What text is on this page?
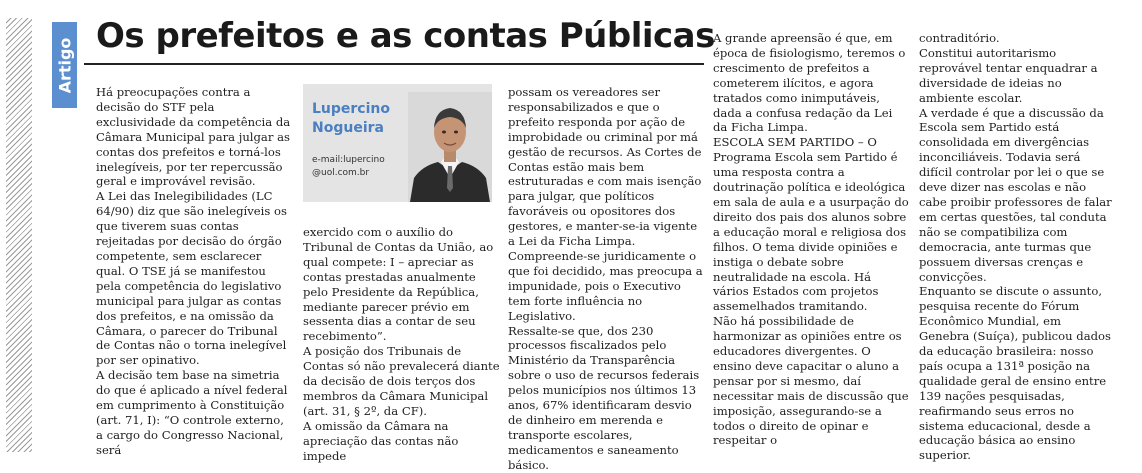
Artigo
Os prefeitos e as contas Públicas

Há preocupações contra a decisão do STF pela exclusividade da competência da Câmara Municipal para julgar as contas dos prefeitos e torná-los inelegíveis, por ter repercussão geral e improvável revisão.

A Lei das Inelegibilidades (LC 64/90) diz que são inelegíveis os que tiverem suas contas rejeitadas por decisão do órgão competente, sem esclarecer qual. O TSE já se manifestou pela competência do legislativo municipal para julgar as contas dos prefeitos, e na omissão da Câmara, o parecer do Tribunal de Contas não o torna inelegível por ser opinativo.

A decisão tem base na simetria do que é aplicado a nível federal em cumprimento à Constituição (art. 71, I): “O controle externo, a cargo do Congresso Nacional, será

Lupercino
Nogueira
e-mail:lupercino
@uol.com.br

exercido com o auxílio do Tribunal de Contas da União, ao qual compete: I – apreciar as contas prestadas anualmente pelo Presidente da República, mediante parecer prévio em sessenta dias a contar de seu recebimento”.

A posição dos Tribunais de Contas só não prevalecerá diante da decisão de dois terços dos membros da Câmara Municipal (art. 31, § 2º, da CF).

A omissão da Câmara na apreciação das contas não impede

possam os vereadores ser responsabilizados e que o prefeito responda por ação de improbidade ou criminal por má gestão de recursos. As Cortes de Contas estão mais bem estruturadas e com mais isenção para julgar, que políticos favoráveis ou opositores dos gestores, e manter-se-ia vigente a Lei da Ficha Limpa.

Compreende-se juridicamente o que foi decidido, mas preocupa a impunidade, pois o Executivo tem forte influência no Legislativo.

Ressalte-se que, dos 230 processos fiscalizados pelo Ministério da Transparência sobre o uso de recursos federais pelos municípios nos últimos 13 anos, 67% identificaram desvio de dinheiro em merenda e transporte escolares, medicamentos e saneamento básico.

A grande apreensão é que, em época de fisiologismo, teremos o crescimento de prefeitos a cometerem ilícitos, e agora tratados como inimputáveis, dada a confusa redação da Lei da Ficha Limpa.

ESCOLA SEM PARTIDO – O Programa Escola sem Partido é uma resposta contra a doutrinação política e ideológica em sala de aula e a usurpação do direito dos pais dos alunos sobre a educação moral e religiosa dos filhos. O tema divide opiniões e instiga o debate sobre neutralidade na escola. Há vários Estados com projetos assemelhados tramitando.

Não há possibilidade de harmonizar as opiniões entre os educadores divergentes. O ensino deve capacitar o aluno a pensar por si mesmo, daí necessitar mais de discussão que imposição, assegurando-se a todos o direito de opinar e respeitar o

contraditório.

Constitui autoritarismo reprovável tentar enquadrar a diversidade de ideias no ambiente escolar.

A verdade é que a discussão da Escola sem Partido está consolidada em divergências inconciliáveis. Todavia será difícil controlar por lei o que se deve dizer nas escolas e não cabe proibir professores de falar em certas questões, tal conduta não se compatibiliza com democracia, ante turmas que possuem diversas crenças e convicções.

Enquanto se discute o assunto, pesquisa recente do Fórum Econômico Mundial, em Genebra (Suíça), publicou dados da educação brasileira: nosso país ocupa a 131ª posição na qualidade geral de ensino entre 139 nações pesquisadas, reafirmando seus erros no sistema educacional, desde a educação básica ao ensino superior.
